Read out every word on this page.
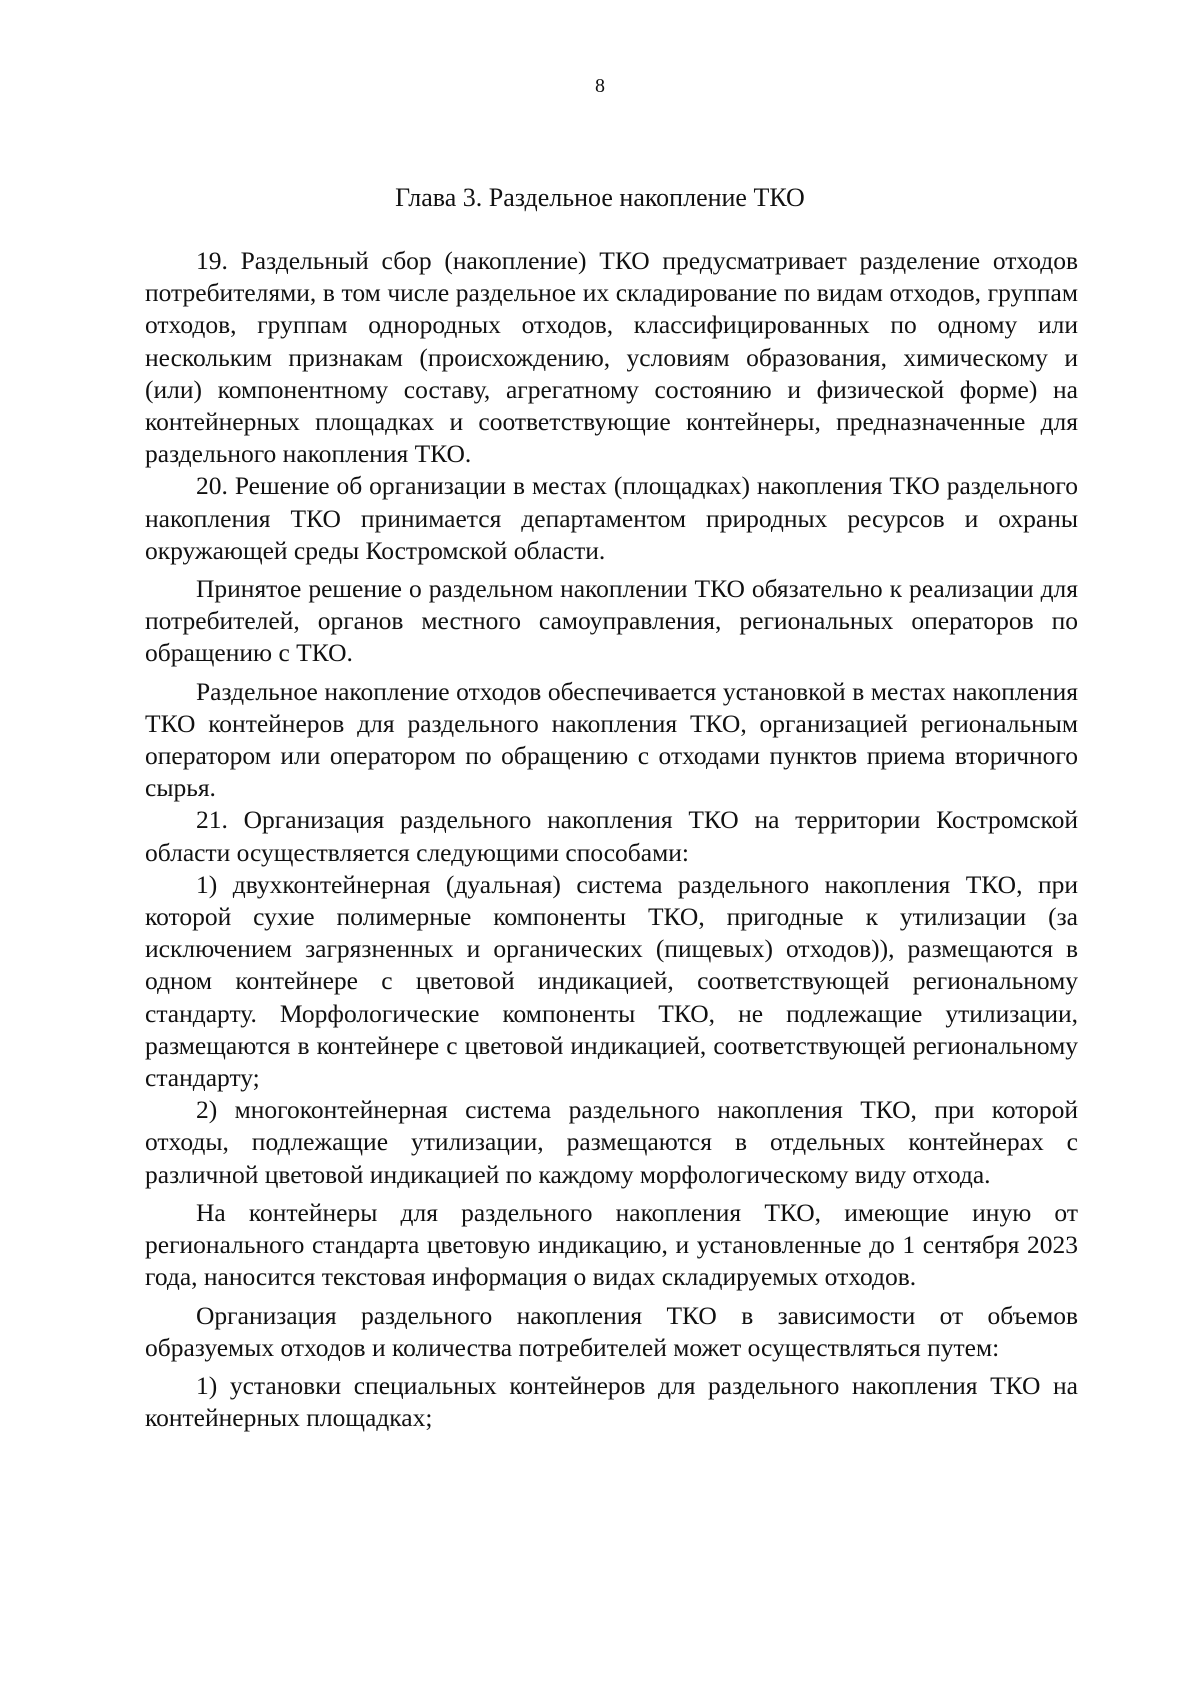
8
Глава 3. Раздельное накопление ТКО

19. Раздельный сбор (накопление) ТКО предусматривает разделение отходов потребителями, в том числе раздельное их складирование по видам отходов, группам отходов, группам однородных отходов, классифицированных по одному или нескольким признакам (происхождению, условиям образования, химическому и (или) компонентному составу, агрегатному состоянию и физической форме) на контейнерных площадках и соответствующие контейнеры, предназначенные для раздельного накопления ТКО.

20. Решение об организации в местах (площадках) накопления ТКО раздельного накопления ТКО принимается департаментом природных ресурсов и охраны окружающей среды Костромской области.

Принятое решение о раздельном накоплении ТКО обязательно к реализации для потребителей, органов местного самоуправления, региональных операторов по обращению с ТКО.

Раздельное накопление отходов обеспечивается установкой в местах накопления ТКО контейнеров для раздельного накопления ТКО, организацией региональным оператором или оператором по обращению с отходами пунктов приема вторичного сырья.

21. Организация раздельного накопления ТКО на территории Костромской области осуществляется следующими способами:

1) двухконтейнерная (дуальная) система раздельного накопления ТКО, при которой сухие полимерные компоненты ТКО, пригодные к утилизации (за исключением загрязненных и органических (пищевых) отходов)), размещаются в одном контейнере с цветовой индикацией, соответствующей региональному стандарту. Морфологические компоненты ТКО, не подлежащие утилизации, размещаются в контейнере с цветовой индикацией, соответствующей региональному стандарту;

2) многоконтейнерная система раздельного накопления ТКО, при которой отходы, подлежащие утилизации, размещаются в отдельных контейнерах с различной цветовой индикацией по каждому морфологическому виду отхода.

На контейнеры для раздельного накопления ТКО, имеющие иную от регионального стандарта цветовую индикацию, и установленные до 1 сентября 2023 года, наносится текстовая информация о видах складируемых отходов.

Организация раздельного накопления ТКО в зависимости от объемов образуемых отходов и количества потребителей может осуществляться путем:

1) установки специальных контейнеров для раздельного накопления ТКО на контейнерных площадках;
